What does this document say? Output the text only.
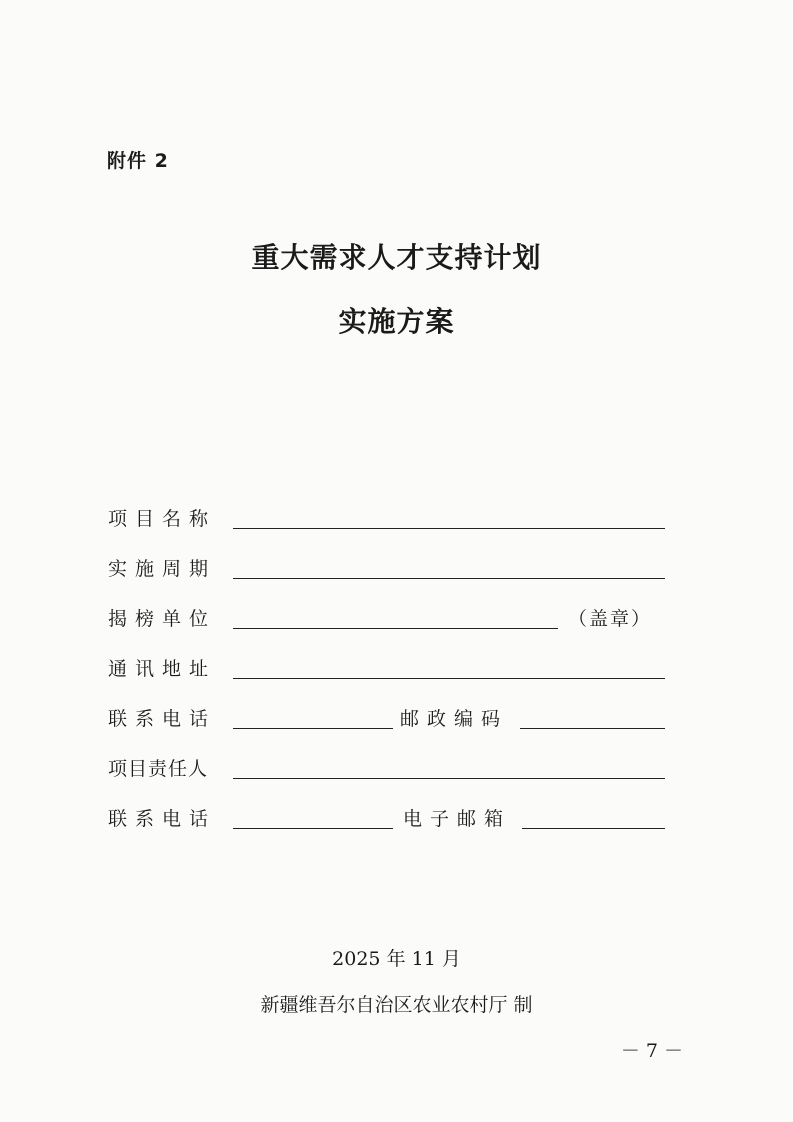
附件 2
重大需求人才支持计划
实施方案
项目名称
实施周期
揭榜单位	（盖章）
通讯地址
联系电话	邮政编码
项目责任人
联系电话	电子邮箱
2025 年 11 月
新疆维吾尔自治区农业农村厅 制
－ 7 －
